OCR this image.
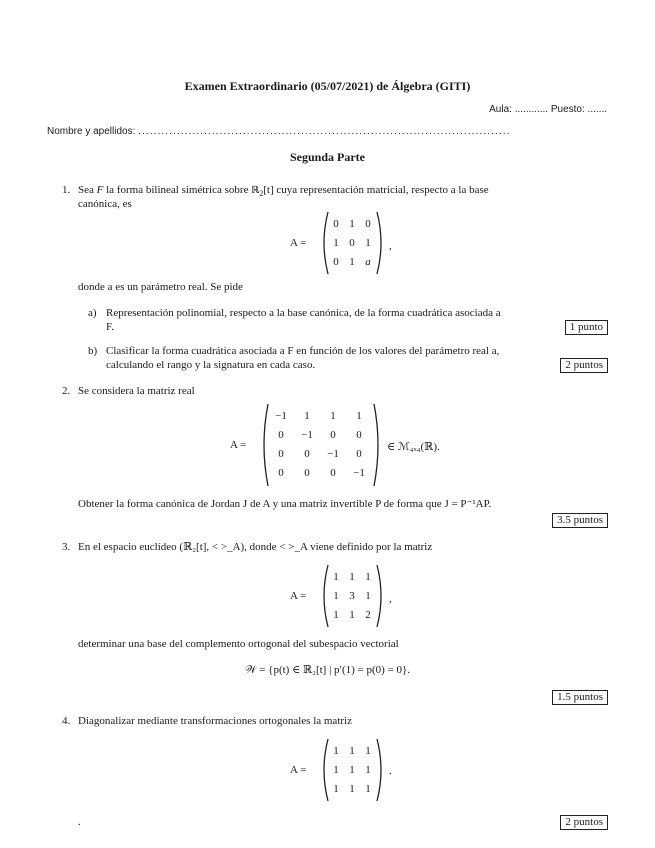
Examen Extraordinario (05/07/2021) de Álgebra (GITI)
Aula: ............ Puesto: .......
Nombre y apellidos: ................................................................................................
Segunda Parte
1. Sea F la forma bilineal simétrica sobre ℝ$_2$[t] cuya representación matricial, respecto a la base
canónica, es
A =
0	1	0
1	0	1
0	1	a
,
donde a es un parámetro real. Se pide
a) Representación polinomial, respecto a la base canónica, de la forma cuadrática asociada a
F.	1 punto
b) Clasificar la forma cuadrática asociada a F en función de los valores del parámetro real a,
calculando el rango y la signatura en cada caso.	2 puntos
2. Se considera la matriz real
A =
−1	1	1	1
0	−1	0	0
0	0	−1	0
0	0	0	−1
∈ ℳ₄ₓ₄(ℝ).
Obtener la forma canónica de Jordan J de A y una matriz invertible P de forma que J = P⁻¹AP.
3.5 puntos
3. En el espacio euclídeo (ℝ₂[t], < >_A), donde < >_A viene definido por la matriz
A =
1	1	1
1	3	1
1	1	2
,
determinar una base del complemento ortogonal del subespacio vectorial
𝒲 = {p(t) ∈ ℝ₂[t] | p′(1) = p(0) = 0}.
1.5 puntos
4. Diagonalizar mediante transformaciones ortogonales la matriz
A =
1	1	1
1	1	1
1	1	1
.
.	2 puntos
